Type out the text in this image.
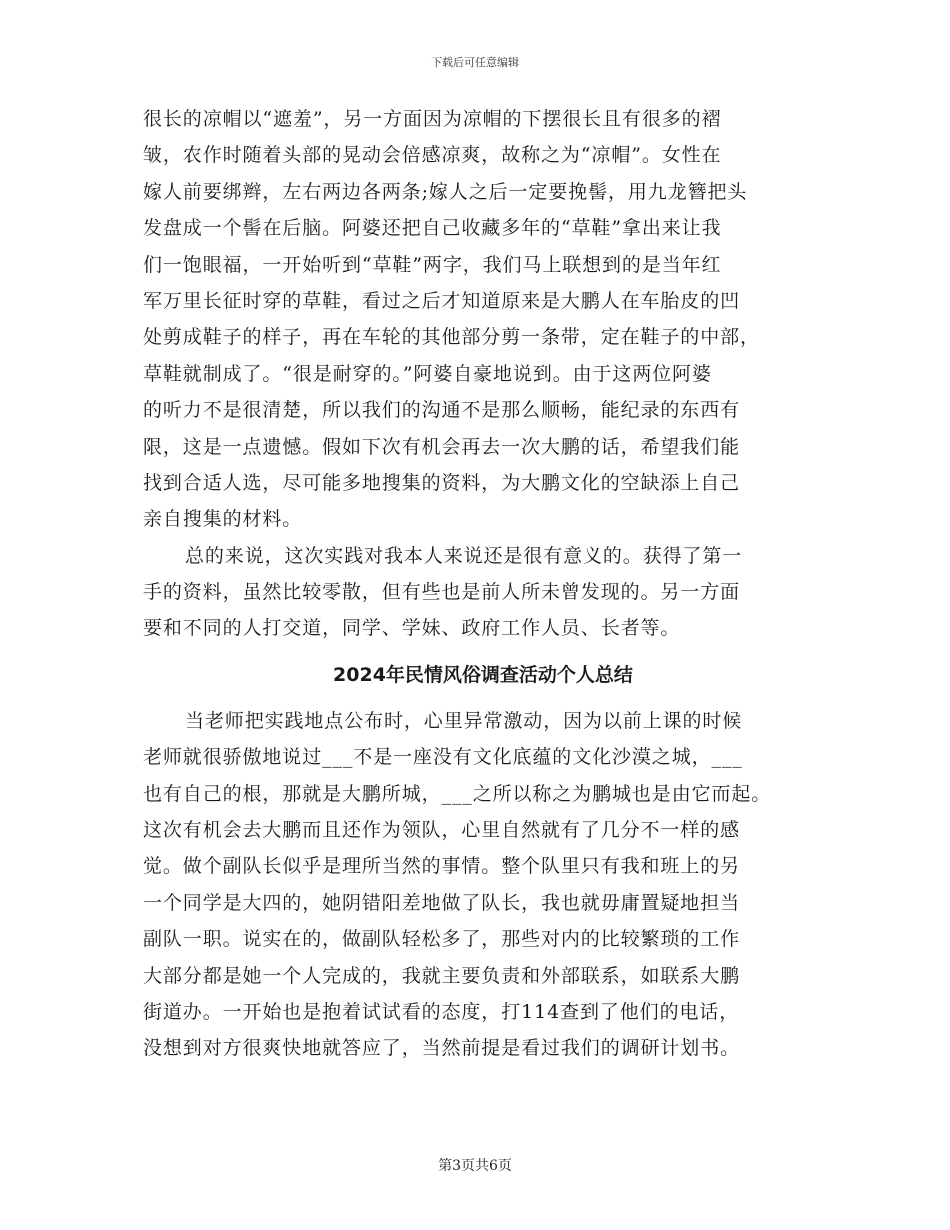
下载后可任意编辑
很长的凉帽以“遮羞”，另一方面因为凉帽的下摆很长且有很多的褶
皱，农作时随着头部的晃动会倍感凉爽，故称之为“凉帽”。女性在
嫁人前要绑辫，左右两边各两条;嫁人之后一定要挽髻，用九龙簪把头
发盘成一个髻在后脑。阿婆还把自己收藏多年的“草鞋”拿出来让我
们一饱眼福，一开始听到“草鞋”两字，我们马上联想到的是当年红
军万里长征时穿的草鞋，看过之后才知道原来是大鹏人在车胎皮的凹
处剪成鞋子的样子，再在车轮的其他部分剪一条带，定在鞋子的中部，
草鞋就制成了。“很是耐穿的。”阿婆自豪地说到。由于这两位阿婆
的听力不是很清楚，所以我们的沟通不是那么顺畅，能纪录的东西有
限，这是一点遗憾。假如下次有机会再去一次大鹏的话，希望我们能
找到合适人选，尽可能多地搜集的资料，为大鹏文化的空缺添上自己
亲自搜集的材料。
总的来说，这次实践对我本人来说还是很有意义的。获得了第一
手的资料，虽然比较零散，但有些也是前人所未曾发现的。另一方面
要和不同的人打交道，同学、学妹、政府工作人员、长者等。
2024年民情风俗调查活动个人总结
当老师把实践地点公布时，心里异常激动，因为以前上课的时候
老师就很骄傲地说过___不是一座没有文化底蕴的文化沙漠之城，___
也有自己的根，那就是大鹏所城，___之所以称之为鹏城也是由它而起。
这次有机会去大鹏而且还作为领队，心里自然就有了几分不一样的感
觉。做个副队长似乎是理所当然的事情。整个队里只有我和班上的另
一个同学是大四的，她阴错阳差地做了队长，我也就毋庸置疑地担当
副队一职。说实在的，做副队轻松多了，那些对内的比较繁琐的工作
大部分都是她一个人完成的，我就主要负责和外部联系，如联系大鹏
街道办。一开始也是抱着试试看的态度，打114查到了他们的电话，
没想到对方很爽快地就答应了，当然前提是看过我们的调研计划书。
第3页共6页
